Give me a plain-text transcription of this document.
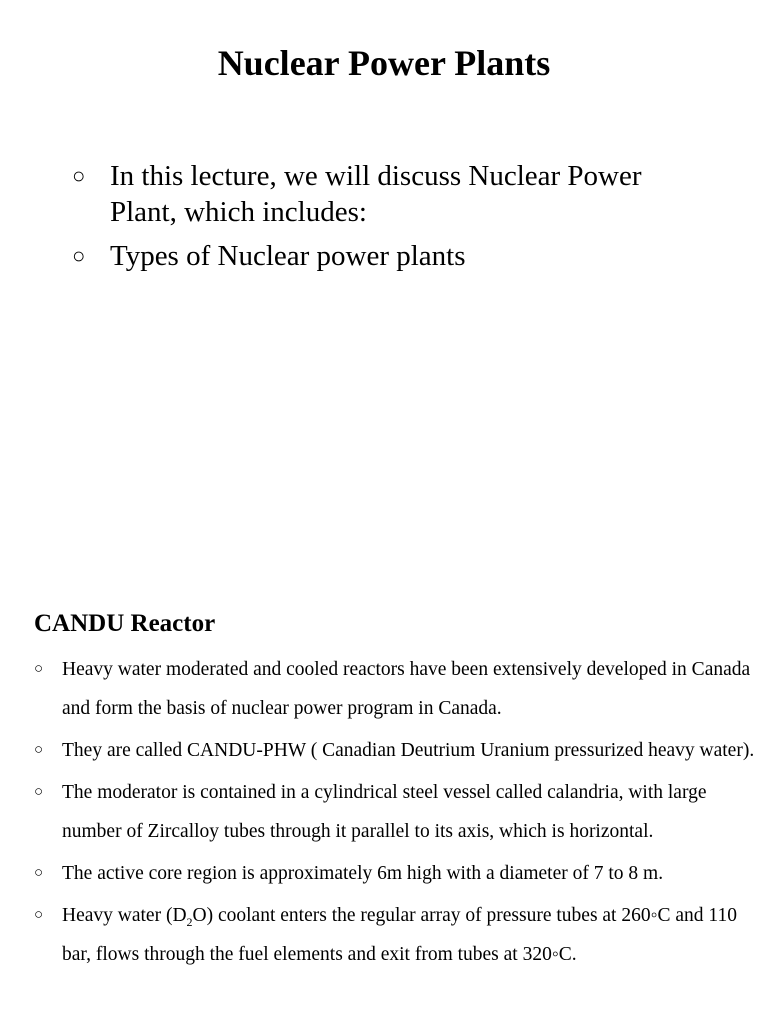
Nuclear Power Plants
○ In this lecture, we will discuss Nuclear Power Plant, which includes:
○ Types of Nuclear power plants
CANDU Reactor
○ Heavy water moderated and cooled reactors have been extensively developed in Canada and form the basis of nuclear power program in Canada.
○ They are called CANDU-PHW ( Canadian Deutrium Uranium pressurized heavy water).
○ The moderator is contained in a cylindrical steel vessel called calandria, with large number of Zircalloy tubes through it parallel to its axis, which is horizontal.
○ The active core region is approximately 6m high with a diameter of 7 to 8 m.
○ Heavy water $(D_2O)$ coolant enters the regular array of pressure tubes at 260◦C and 110 bar, flows through the fuel elements and exit from tubes at 320◦C.
